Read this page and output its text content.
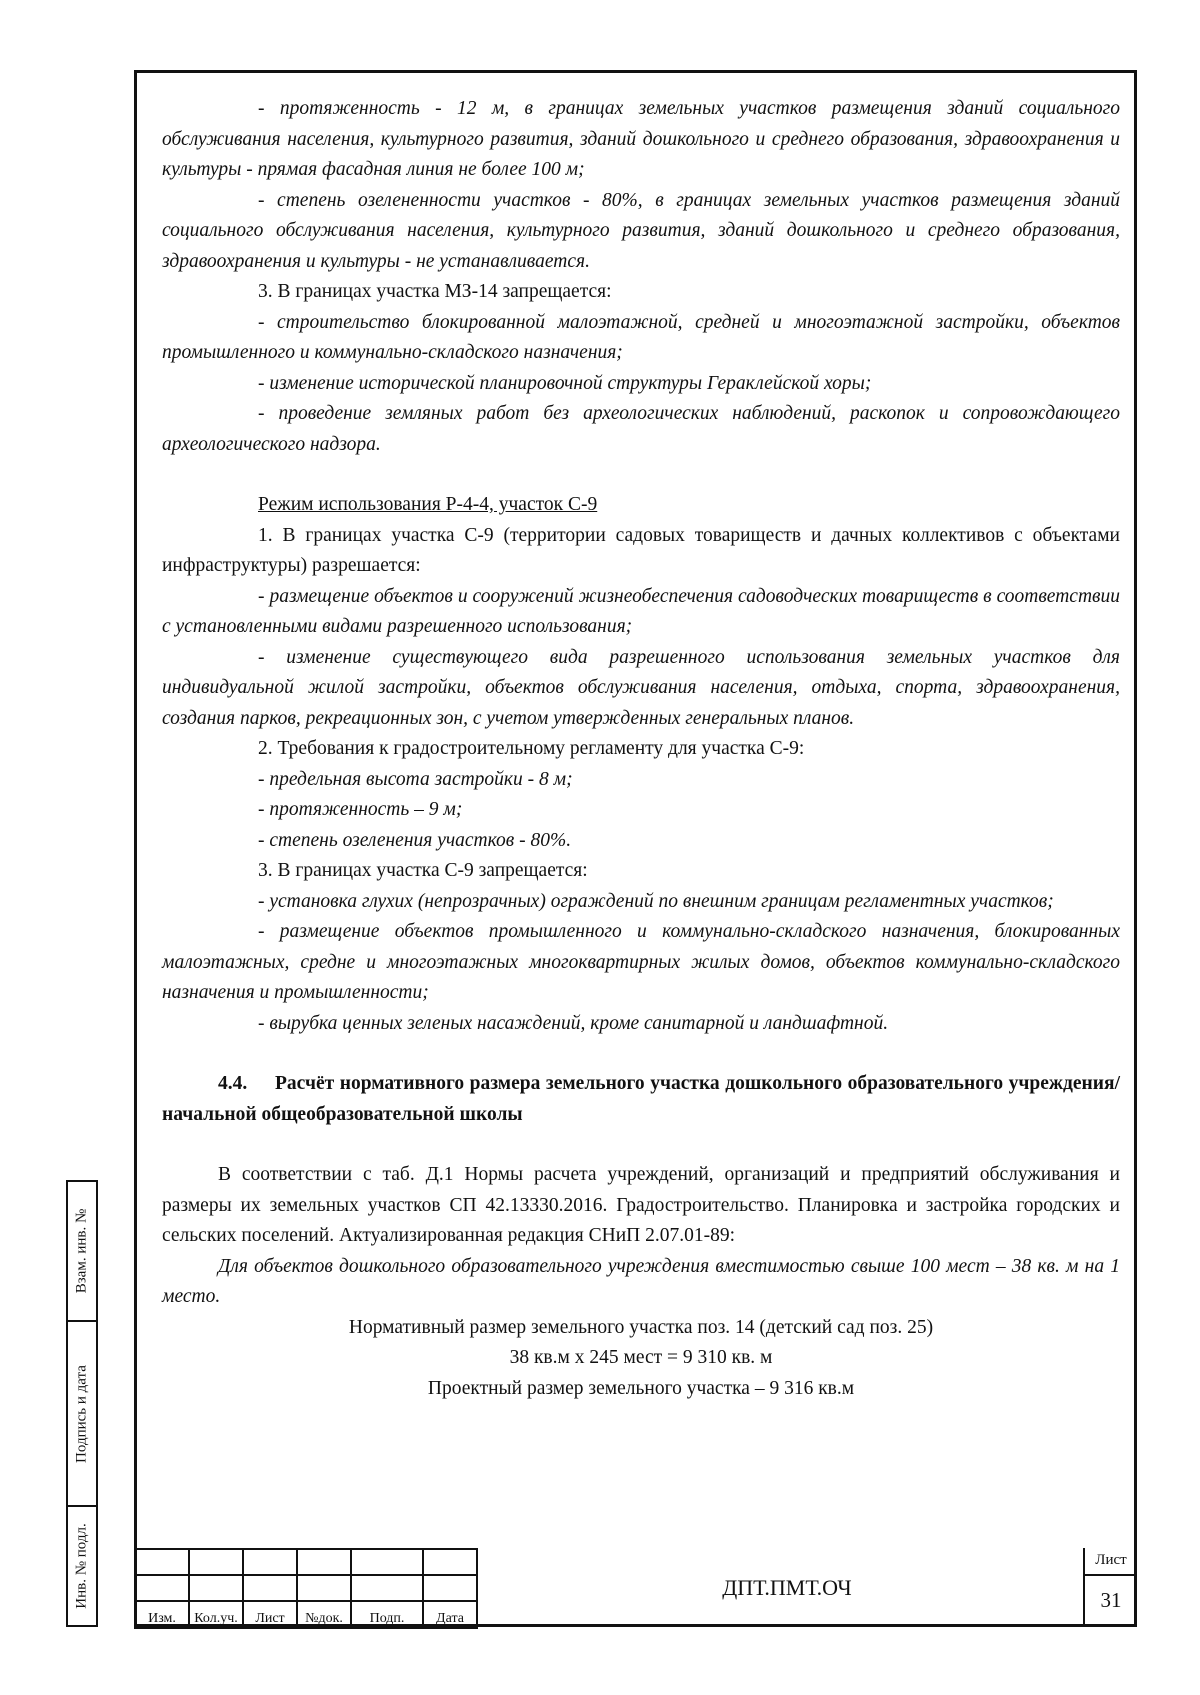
- протяженность - 12 м, в границах земельных участков размещения зданий социального обслуживания населения, культурного развития, зданий дошкольного и среднего образования, здравоохранения и культуры - прямая фасадная линия не более 100 м;

- степень озелененности участков - 80%, в границах земельных участков размещения зданий социального обслуживания населения, культурного развития, зданий дошкольного и среднего образования, здравоохранения и культуры - не устанавливается.

3. В границах участка МЗ-14 запрещается:

- строительство блокированной малоэтажной, средней и многоэтажной застройки, объектов промышленного и коммунально-складского назначения;

- изменение исторической планировочной структуры Гераклейской хоры;

- проведение земляных работ без археологических наблюдений, раскопок и сопровождающего археологического надзора.

Режим использования Р-4-4, участок С-9

1. В границах участка С-9 (территории садовых товариществ и дачных коллективов с объектами инфраструктуры) разрешается:

- размещение объектов и сооружений жизнеобеспечения садоводческих товариществ в соответствии с установленными видами разрешенного использования;

- изменение существующего вида разрешенного использования земельных участков для индивидуальной жилой застройки, объектов обслуживания населения, отдыха, спорта, здравоохранения, создания парков, рекреационных зон, с учетом утвержденных генеральных планов.

2. Требования к градостроительному регламенту для участка С-9:

- предельная высота застройки - 8 м;

- протяженность – 9 м;

- степень озеленения участков - 80%.

3. В границах участка С-9 запрещается:

- установка глухих (непрозрачных) ограждений по внешним границам регламентных участков;

- размещение объектов промышленного и коммунально-складского назначения, блокированных малоэтажных, средне и многоэтажных многоквартирных жилых домов, объектов коммунально-складского назначения и промышленности;

- вырубка ценных зеленых насаждений, кроме санитарной и ландшафтной.

4.4. Расчёт нормативного размера земельного участка дошкольного образовательного учреждения/начальной общеобразовательной школы

В соответствии с таб. Д.1 Нормы расчета учреждений, организаций и предприятий обслуживания и размеры их земельных участков СП 42.13330.2016. Градостроительство. Планировка и застройка городских и сельских поселений. Актуализированная редакция СНиП 2.07.01-89:

Для объектов дошкольного образовательного учреждения вместимостью свыше 100 мест – 38 кв. м на 1 место.

Нормативный размер земельного участка поз. 14 (детский сад поз. 25)

38 кв.м х 245 мест = 9 310 кв. м

Проектный размер земельного участка – 9 316 кв.м

Взам. инв. №
Подпись и дата
Инв. № подл.

Изм.	Кол.уч.	Лист	№док.	Подп.	Дата
ДПТ.ПМТ.ОЧ
Лист
31
